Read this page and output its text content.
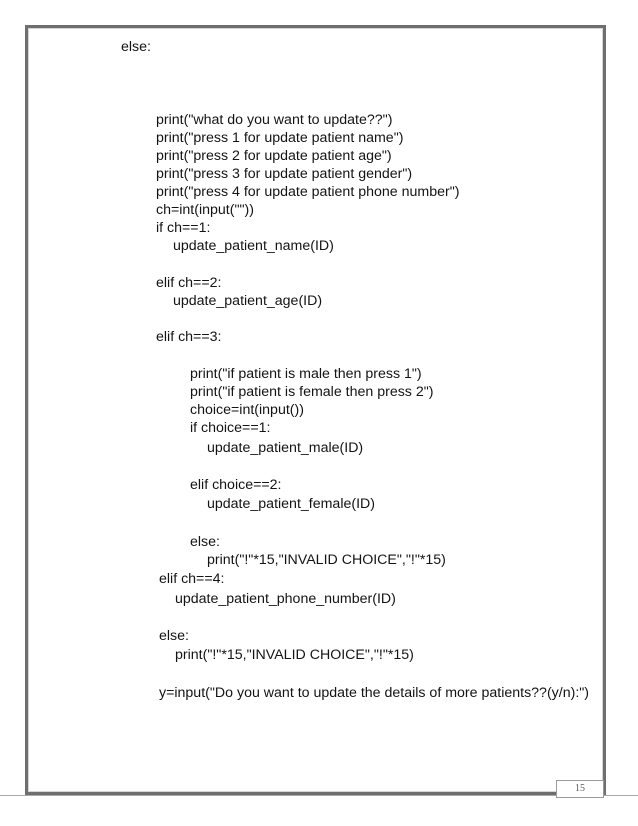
else:

print("what do you want to update??")

print("press 1 for update patient name")

print("press 2 for update patient age")

print("press 3 for update patient gender")

print("press 4 for update patient phone number")

ch=int(input(""))

if ch==1:

update_patient_name(ID)

elif ch==2:

update_patient_age(ID)

elif ch==3:

print("if patient is male then press 1")

print("if patient is female then press 2")

choice=int(input())

if choice==1:

update_patient_male(ID)

elif choice==2:

update_patient_female(ID)

else:

print("!"*15,"INVALID CHOICE","!"*15)

elif ch==4:

update_patient_phone_number(ID)

else:

print("!"*15,"INVALID CHOICE","!"*15)

y=input("Do you want to update the details of more patients??(y/n):")

15
